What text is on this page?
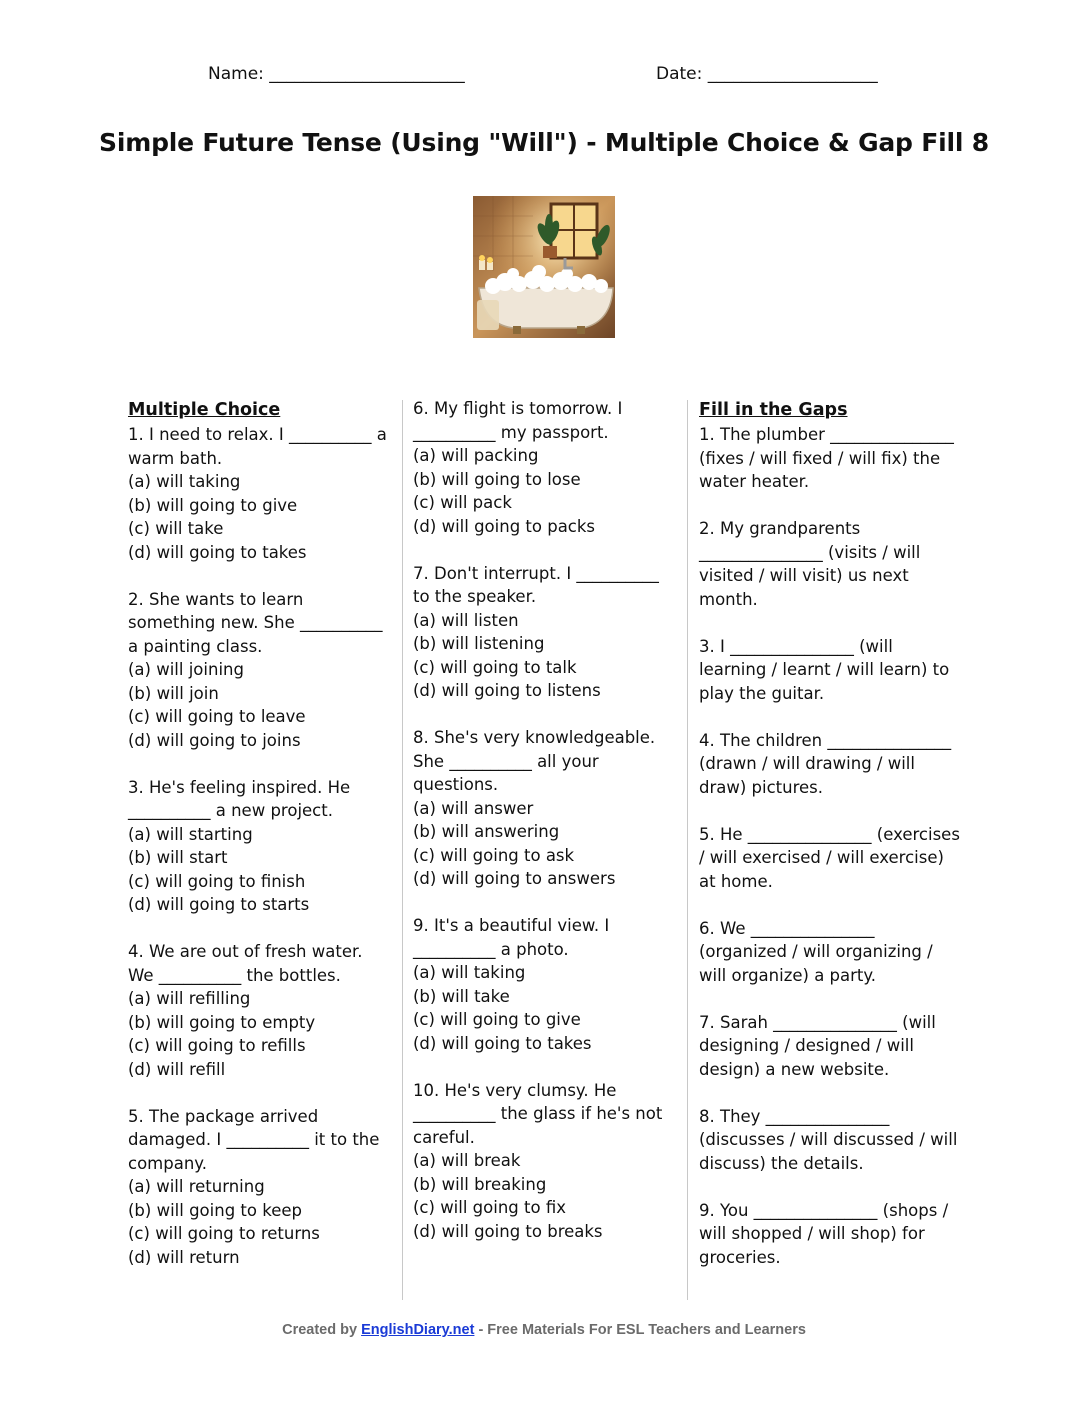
Name: _______________________	Date: ____________________
Simple Future Tense (Using "Will") - Multiple Choice & Gap Fill 8
Multiple Choice

1. I need to relax. I __________ a warm bath.

(a) will taking

(b) will going to give

(c) will take

(d) will going to takes

2. She wants to learn something new. She __________ a painting class.

(a) will joining

(b) will join

(c) will going to leave

(d) will going to joins

3. He's feeling inspired. He __________ a new project.

(a) will starting

(b) will start

(c) will going to finish

(d) will going to starts

4. We are out of fresh water. We __________ the bottles.

(a) will refilling

(b) will going to empty

(c) will going to refills

(d) will refill

5. The package arrived damaged. I __________ it to the company.

(a) will returning

(b) will going to keep

(c) will going to returns

(d) will return

6. My flight is tomorrow. I __________ my passport.

(a) will packing

(b) will going to lose

(c) will pack

(d) will going to packs

7. Don't interrupt. I __________ to the speaker.

(a) will listen

(b) will listening

(c) will going to talk

(d) will going to listens

8. She's very knowledgeable. She __________ all your questions.

(a) will answer

(b) will answering

(c) will going to ask

(d) will going to answers

9. It's a beautiful view. I __________ a photo.

(a) will taking

(b) will take

(c) will going to give

(d) will going to takes

10. He's very clumsy. He __________ the glass if he's not careful.

(a) will break

(b) will breaking

(c) will going to fix

(d) will going to breaks

Fill in the Gaps
1. The plumber _______________ (fixes / will fixed / will fix) the water heater.
2. My grandparents _______________ (visits / will visited / will visit) us next month.
3. I _______________ (will learning / learnt / will learn) to play the guitar.
4. The children _______________ (drawn / will drawing / will draw) pictures.
5. He _______________ (exercises / will exercised / will exercise) at home.
6. We _______________ (organized / will organizing / will organize) a party.
7. Sarah _______________ (will designing / designed / will design) a new website.
8. They _______________ (discusses / will discussed / will discuss) the details.
9. You _______________ (shops / will shopped / will shop) for groceries.
Created by EnglishDiary.net - Free Materials For ESL Teachers and Learners
